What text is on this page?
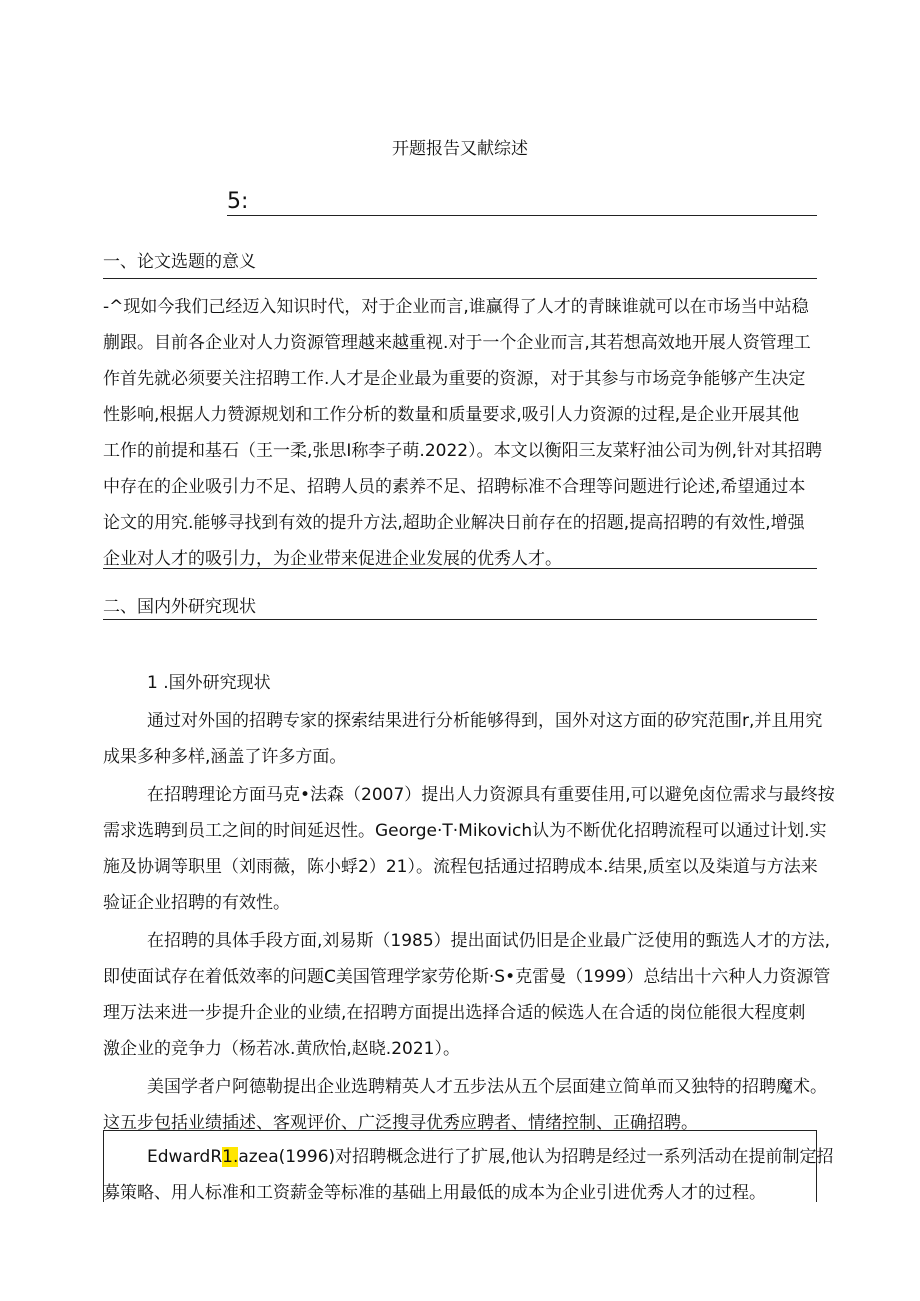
开题报告又献综述
5:
一、论文选题的意义
-^现如今我们己经迈入知识时代，对于企业而言,谁赢得了人才的青睐谁就可以在市场当中站稳
蒯跟。目前各企业对人力资源管理越来越重视.对于一个企业而言,其若想高效地开展人资管理工
作首先就必须要关注招聘工作.人才是企业最为重要的资源，对于其参与市场竞争能够产生决定
性影响,根据人力赞源规划和工作分析的数量和质量要求,吸引人力资源的过程,是企业开展其他
工作的前提和基石（王一柔,张思I称李子萌.2022）。本文以衡阳三友菜籽油公司为例,针对其招聘
中存在的企业吸引力不足、招聘人员的素养不足、招聘标准不合理等问题进行论述,希望通过本
论文的用究.能够寻找到有效的提升方法,超助企业解决日前存在的招题,提高招聘的有效性,增强
企业对人才的吸引力，为企业带来促进企业发展的优秀人才。
二、国内外研究现状
1 .国外研究现状
通过对外国的招聘专家的探索结果进行分析能够得到，国外对这方面的矽究范围r,并且用究
成果多种多样,涵盖了许多方面。
在招聘理论方面马克•法森（2007）提出人力资源具有重要佳用,可以避免卤位需求与最终按
需求选聘到员工之间的时间延迟性。George·T·Mikovich认为不断优化招聘流程可以通过计划.实
施及协调等职里（刘雨薇，陈小蜉2）21）。流程包括通过招聘成本.结果,质室以及柒道与方法来
验证企业招聘的有效性。
在招聘的具体手段方面,刘易斯（1985）提出面试仍旧是企业最广泛使用的甄选人才的方法,
即使面试存在着低效率的问题C美国管理学家劳伦斯·S•克雷曼（1999）总结出十六种人力资源管
理万法来进一步提升企业的业绩,在招聘方面提出选择合适的候选人在合适的岗位能很大程度刺
激企业的竞争力（杨若冰.黄欣怡,赵晓.2021）。
美国学者户阿德勒提出企业选聘精英人才五步法从五个层面建立简单而又独特的招聘魔术。
这五步包括业绩插述、客观评价、广泛搜寻优秀应聘者、情绪控制、正确招聘。
EdwardR1.azea(1996)对招聘概念进行了扩展,他认为招聘是经过一系列活动在提前制定招
募策略、用人标准和工资薪金等标准的基础上用最低的成本为企业引进优秀人才的过程。
